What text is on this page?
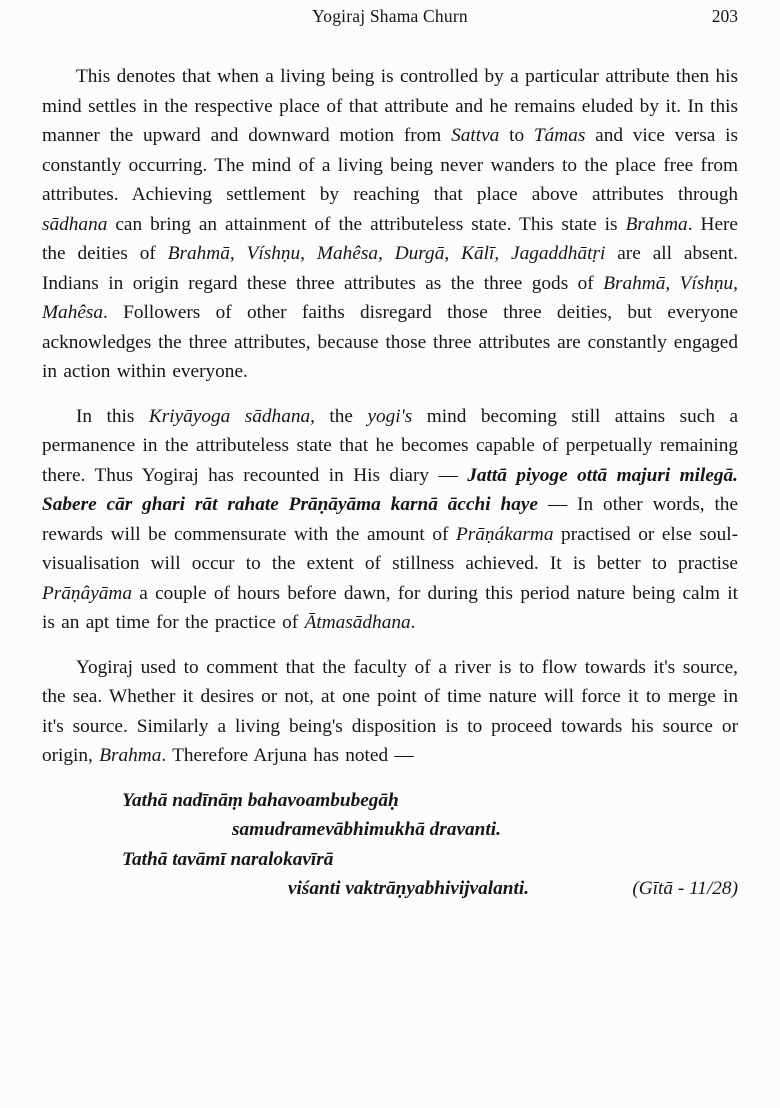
Yogiraj Shama Churn	203

This denotes that when a living being is controlled by a particular attribute then his mind settles in the respective place of that attribute and he remains eluded by it. In this manner the upward and downward motion from Sattva to Támas and vice versa is constantly occurring. The mind of a living being never wanders to the place free from attributes. Achieving settlement by reaching that place above attributes through sādhana can bring an attainment of the attributeless state. This state is Brahma. Here the deities of Brahmā, Víshṇu, Mahêsa, Durgā, Kālī, Jagaddhātṛi are all absent. Indians in origin regard these three attributes as the three gods of Brahmā, Víshṇu, Mahêsa. Followers of other faiths disregard those three deities, but everyone acknowledges the three attributes, because those three attributes are constantly engaged in action within everyone.

In this Kriyāyoga sādhana, the yogi's mind becoming still attains such a permanence in the attributeless state that he becomes capable of perpetually remaining there. Thus Yogiraj has recounted in His diary — Jattā piyoge ottā majuri milegā. Sabere cār ghari rāt rahate Prāṇāyāma karnā ācchi haye — In other words, the rewards will be commensurate with the amount of Prāṇákarma practised or else soul-visualisation will occur to the extent of stillness achieved. It is better to practise Prāṇâyāma a couple of hours before dawn, for during this period nature being calm it is an apt time for the practice of Ātmasādhana.

Yogiraj used to comment that the faculty of a river is to flow towards it's source, the sea. Whether it desires or not, at one point of time nature will force it to merge in it's source. Similarly a living being's disposition is to proceed towards his source or origin, Brahma. Therefore Arjuna has noted —

Yathā nadīnāṃ bahavoambubegāḥ
samudramevābhimukhā dravanti.
Tathā tavāmī naralokavīrā
viśanti vaktrāṇyabhivijvalanti.	(Gītā - 11/28)
